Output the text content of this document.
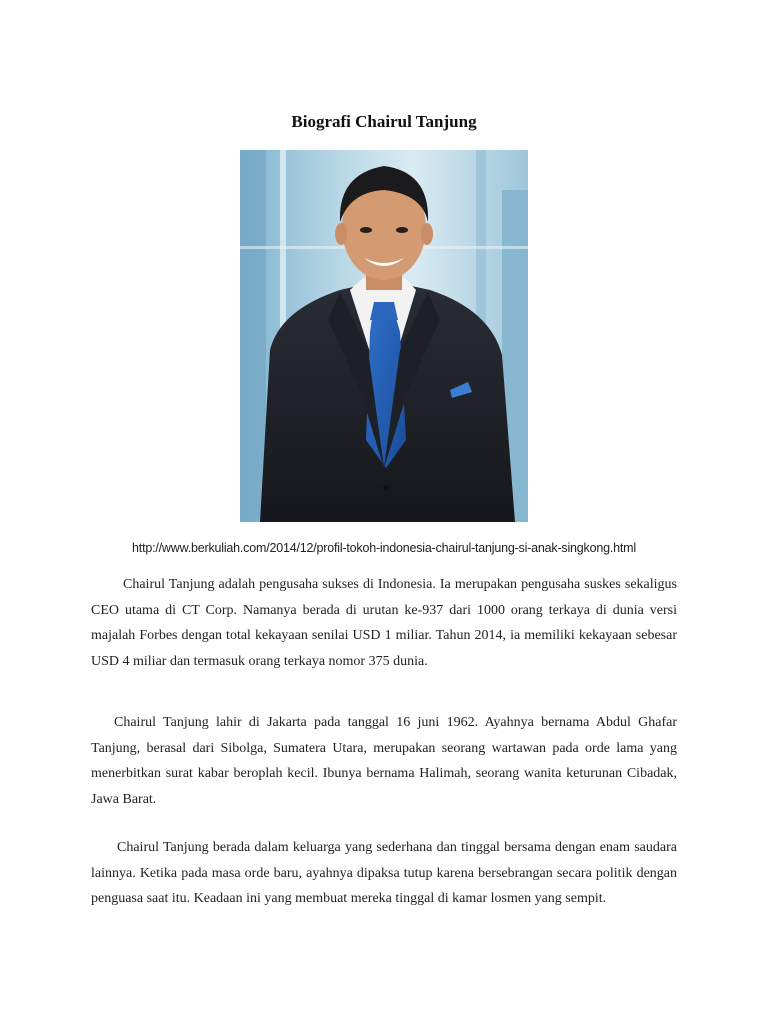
Biografi Chairul Tanjung
http://www.berkuliah.com/2014/12/profil-tokoh-indonesia-chairul-tanjung-si-anak-singkong.html

Chairul Tanjung adalah pengusaha sukses di Indonesia. Ia merupakan pengusaha suskes sekaligus CEO utama di CT Corp. Namanya berada di urutan ke-937 dari 1000 orang terkaya di dunia versi majalah Forbes dengan total kekayaan senilai USD 1 miliar. Tahun 2014, ia memiliki kekayaan sebesar USD 4 miliar dan termasuk orang terkaya nomor 375 dunia.

Chairul Tanjung lahir di Jakarta pada tanggal 16 juni 1962. Ayahnya bernama Abdul Ghafar Tanjung, berasal dari Sibolga, Sumatera Utara, merupakan seorang wartawan pada orde lama yang menerbitkan surat kabar beroplah kecil. Ibunya bernama Halimah, seorang wanita keturunan Cibadak, Jawa Barat.

Chairul Tanjung berada dalam keluarga yang sederhana dan tinggal bersama dengan enam saudara lainnya. Ketika pada masa orde baru, ayahnya dipaksa tutup karena bersebrangan secara politik dengan penguasa saat itu. Keadaan ini yang membuat mereka tinggal di kamar losmen yang sempit.
